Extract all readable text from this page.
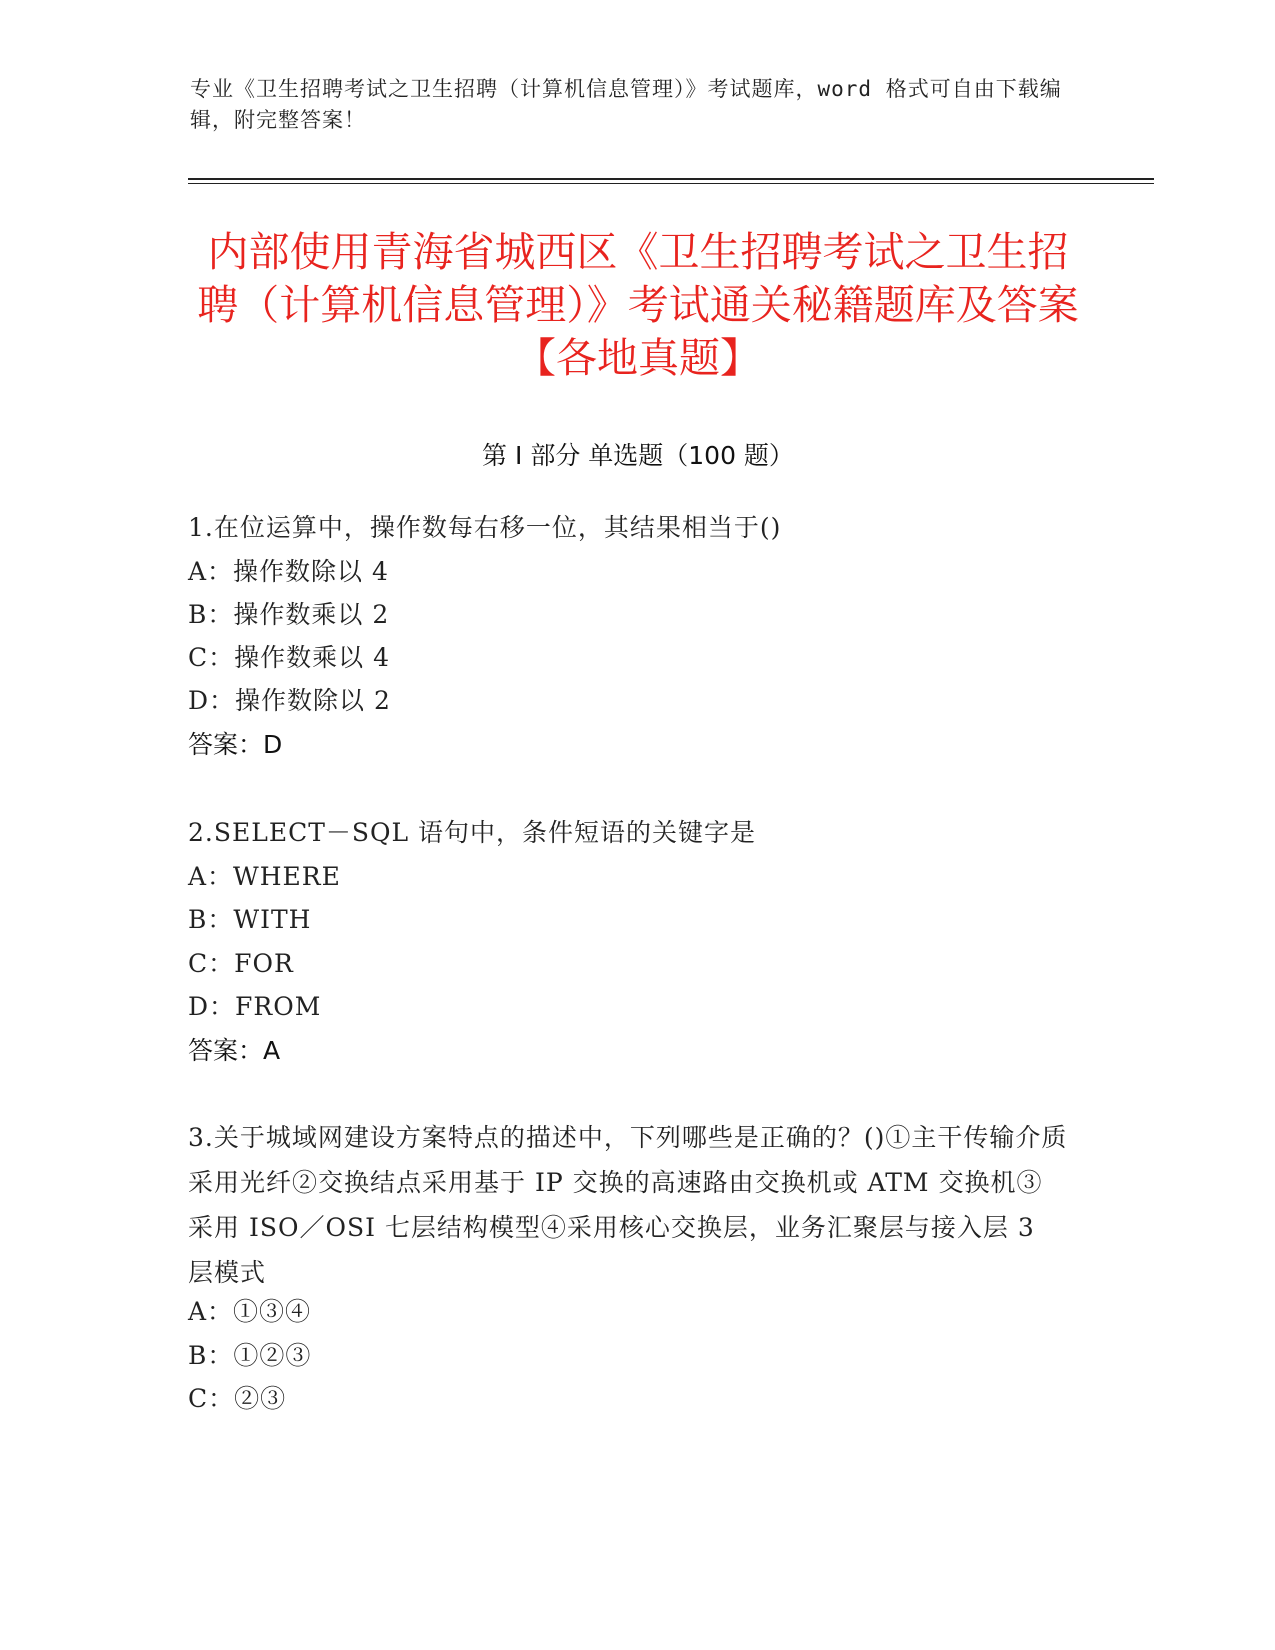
专业《卫生招聘考试之卫生招聘（计算机信息管理）》考试题库，word 格式可自由下载编辑，附完整答案！
内部使用青海省城西区《卫生招聘考试之卫生招聘（计算机信息管理）》考试通关秘籍题库及答案【各地真题】
第 I 部分 单选题（100 题）
1.在位运算中，操作数每右移一位，其结果相当于()
A：操作数除以 4
B：操作数乘以 2
C：操作数乘以 4
D：操作数除以 2
答案：D
2.SELECT－SQL 语句中，条件短语的关键字是
A：WHERE
B：WITH
C：FOR
D：FROM
答案：A
3.关于城域网建设方案特点的描述中，下列哪些是正确的？()①主干传输介质采用光纤②交换结点采用基于 IP 交换的高速路由交换机或 ATM 交换机③采用 ISO／OSI 七层结构模型④采用核心交换层，业务汇聚层与接入层 3 层模式
A：①③④
B：①②③
C：②③
